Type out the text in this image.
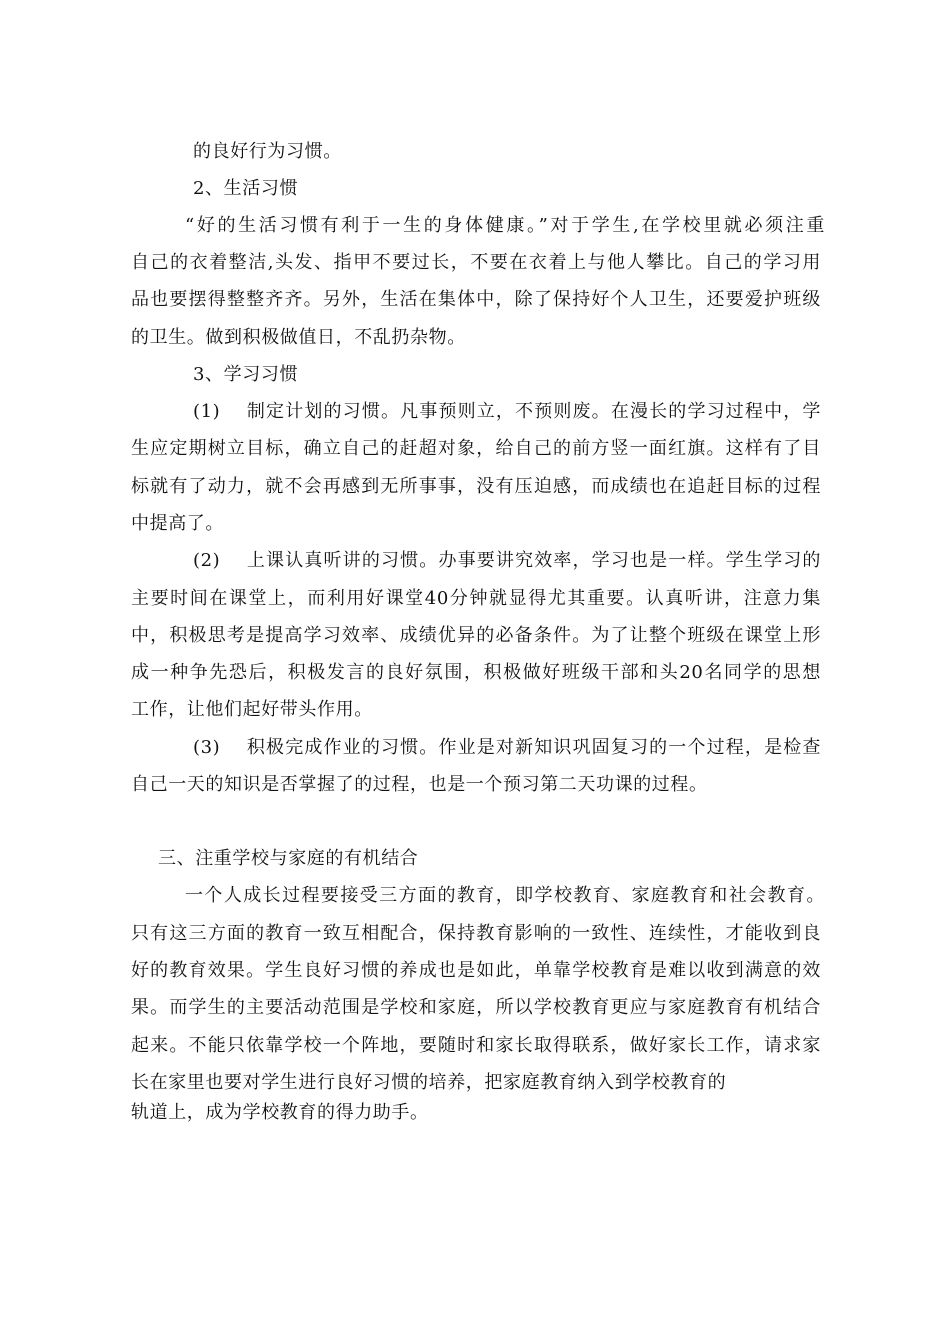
的良好行为习惯。
2、生活习惯
“好的生活习惯有利于一生的身体健康。”对于学生,在学校里就必须注重
自己的衣着整洁,头发、指甲不要过长，不要在衣着上与他人攀比。自己的学习用
品也要摆得整整齐齐。另外，生活在集体中，除了保持好个人卫生，还要爱护班级
的卫生。做到积极做值日，不乱扔杂物。
3、学习习惯
(1)　 制定计划的习惯。凡事预则立，不预则废。在漫长的学习过程中，学
生应定期树立目标，确立自己的赶超对象，给自己的前方竖一面红旗。这样有了目
标就有了动力，就不会再感到无所事事，没有压迫感，而成绩也在追赶目标的过程
中提高了。
(2)　 上课认真听讲的习惯。办事要讲究效率，学习也是一样。学生学习的
主要时间在课堂上，而利用好课堂40分钟就显得尤其重要。认真听讲，注意力集
中，积极思考是提高学习效率、成绩优异的必备条件。为了让整个班级在课堂上形
成一种争先恐后，积极发言的良好氛围，积极做好班级干部和头20名同学的思想
工作，让他们起好带头作用。
(3)　 积极完成作业的习惯。作业是对新知识巩固复习的一个过程，是检查
自己一天的知识是否掌握了的过程，也是一个预习第二天功课的过程。
三、注重学校与家庭的有机结合
一个人成长过程要接受三方面的教育，即学校教育、家庭教育和社会教育。
只有这三方面的教育一致互相配合，保持教育影响的一致性、连续性，才能收到良
好的教育效果。学生良好习惯的养成也是如此，单靠学校教育是难以收到满意的效
果。而学生的主要活动范围是学校和家庭，所以学校教育更应与家庭教育有机结合
起来。不能只依靠学校一个阵地，要随时和家长取得联系，做好家长工作，请求家
长在家里也要对学生进行良好习惯的培养，把家庭教育纳入到学校教育的
轨道上，成为学校教育的得力助手。
